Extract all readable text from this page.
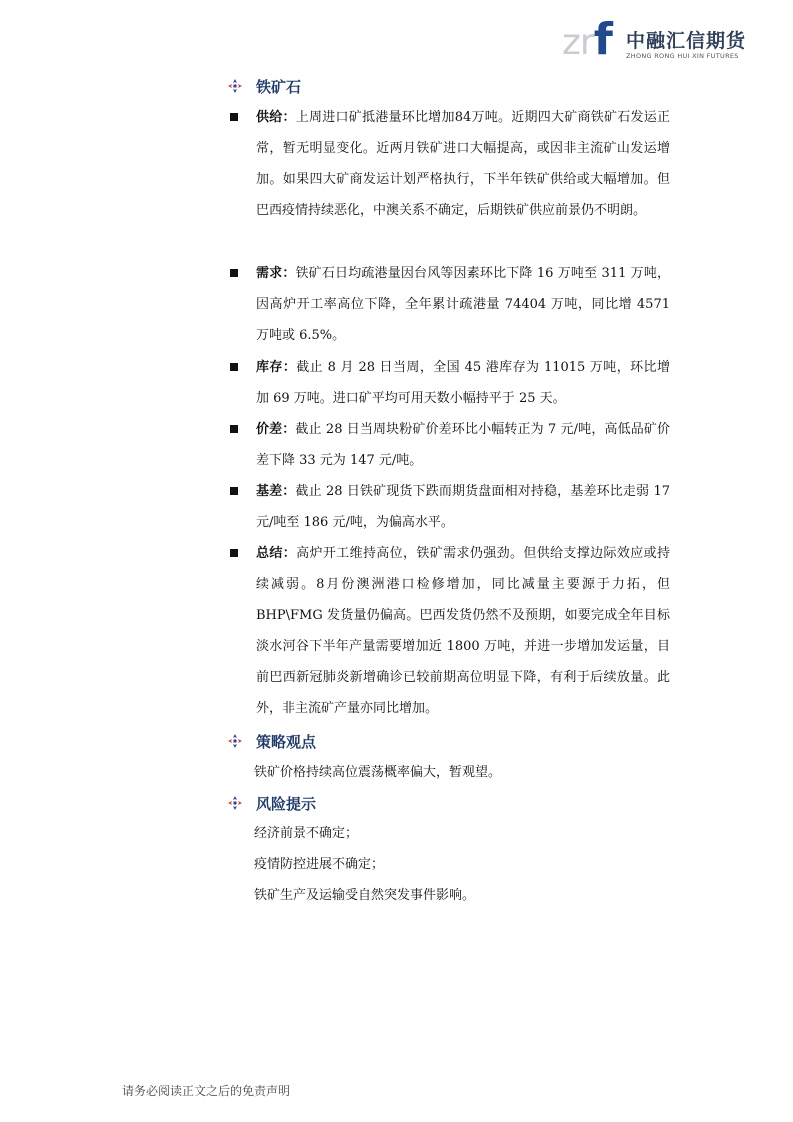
zrf 中融汇信期货
ZHONG RONG HUI XIN FUTURES
铁矿石
供给：上周进口矿抵港量环比增加84万吨。近期四大矿商铁矿石发运正常，暂无明显变化。近两月铁矿进口大幅提高，或因非主流矿山发运增加。如果四大矿商发运计划严格执行，下半年铁矿供给或大幅增加。但巴西疫情持续恶化，中澳关系不确定，后期铁矿供应前景仍不明朗。
需求：铁矿石日均疏港量因台风等因素环比下降 16 万吨至 311 万吨，因高炉开工率高位下降，全年累计疏港量 74404 万吨，同比增 4571 万吨或 6.5%。
库存：截止 8 月 28 日当周，全国 45 港库存为 11015 万吨，环比增加 69 万吨。进口矿平均可用天数小幅持平于 25 天。
价差：截止 28 日当周块粉矿价差环比小幅转正为 7 元/吨，高低品矿价差下降 33 元为 147 元/吨。
基差：截止 28 日铁矿现货下跌而期货盘面相对持稳，基差环比走弱 17 元/吨至 186 元/吨，为偏高水平。
总结：高炉开工维持高位，铁矿需求仍强劲。但供给支撑边际效应或持续减弱。8月份澳洲港口检修增加，同比减量主要源于力拓，但BHP\FMG 发货量仍偏高。巴西发货仍然不及预期，如要完成全年目标淡水河谷下半年产量需要增加近 1800 万吨，并进一步增加发运量，目前巴西新冠肺炎新增确诊已较前期高位明显下降，有利于后续放量。此外，非主流矿产量亦同比增加。
策略观点
铁矿价格持续高位震荡概率偏大，暂观望。
风险提示
经济前景不确定；
疫情防控进展不确定；
铁矿生产及运输受自然突发事件影响。
请务必阅读正文之后的免责声明
